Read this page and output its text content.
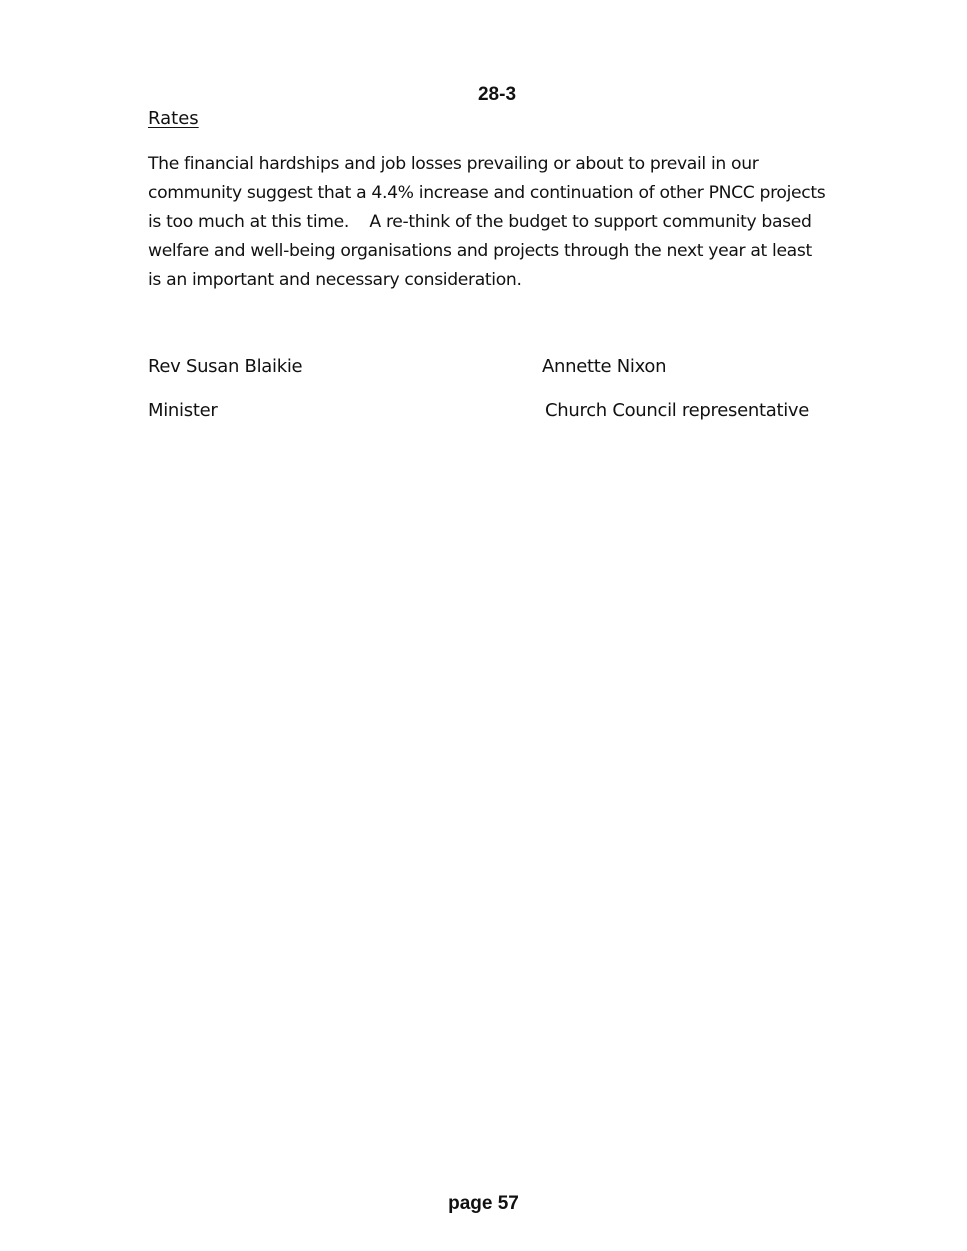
28-3

Rates

The financial hardships and job losses prevailing or about to prevail in our community suggest that a 4.4% increase and continuation of other PNCC projects is too much at this time.    A re-think of the budget to support community based welfare and well-being organisations and projects through the next year at least is an important and necessary consideration.

Rev Susan Blaikie

Minister

Annette Nixon

Church Council representative

page 57
